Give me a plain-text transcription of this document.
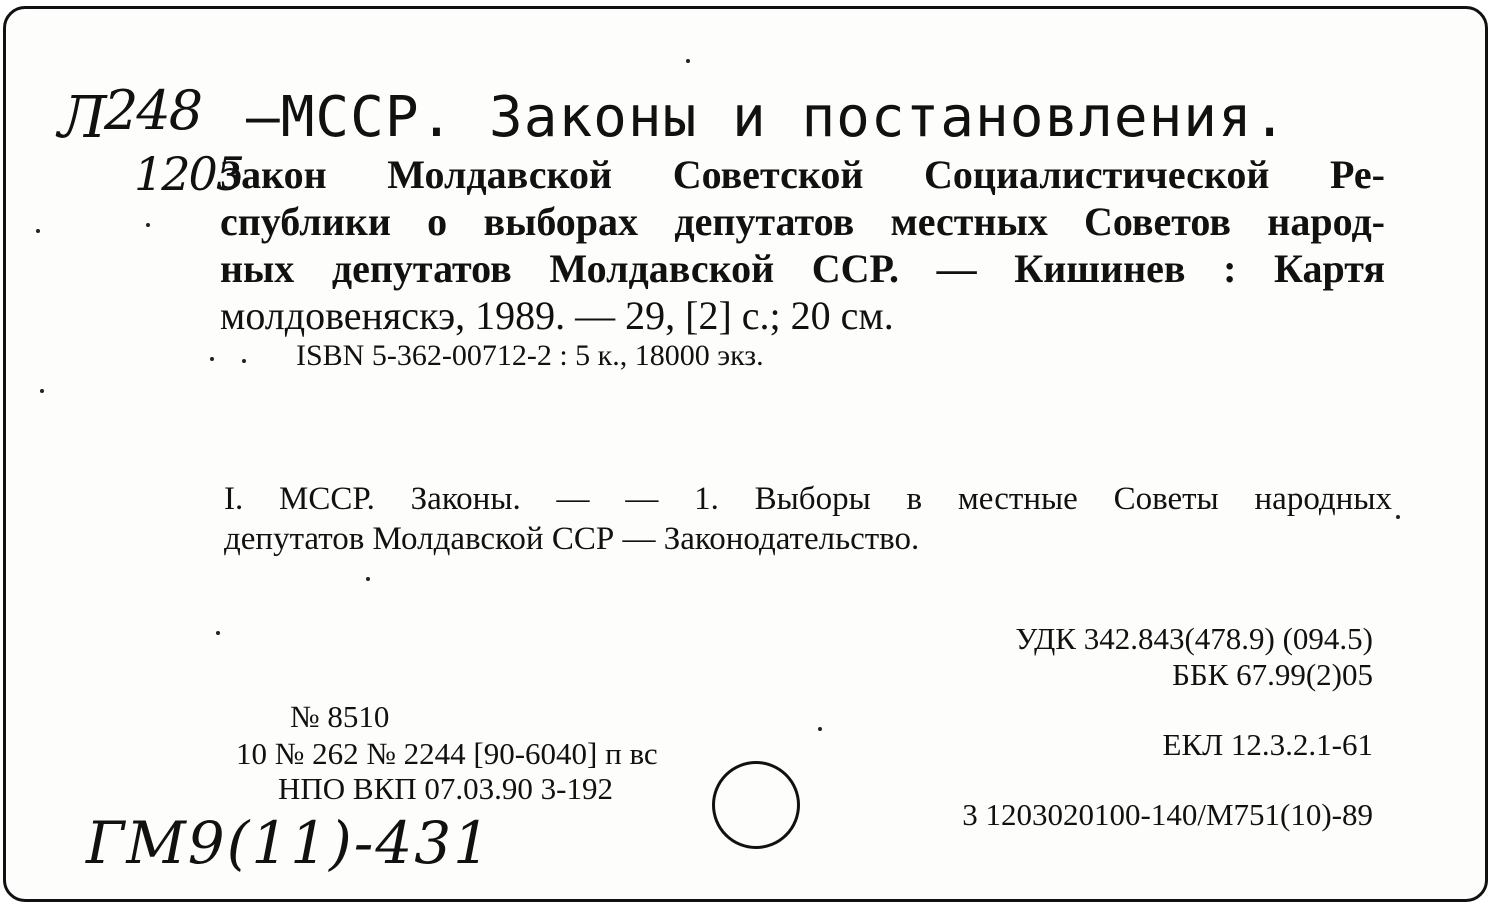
Л
248 —МССР. Законы и постановления.
1205
Закон Молдавской Советской Социалистической Ре-
спублики о выборах депутатов местных Советов народ-
ных депутатов Молдавской ССР. — Кишинев : Картя
молдовеняскэ, 1989. — 29, [2] с.; 20 см.
ISBN 5-362-00712-2 : 5 к., 18000 экз.
I. МССР. Законы. — — 1. Выборы в местные Советы народных
депутатов Молдавской ССР — Законодательство.
УДК 342.843(478.9) (094.5)
ББК 67.99(2)05
ЕКЛ 12.3.2.1-61
3 1203020100-140/М751(10)-89
№ 8510
10 № 262 № 2244 [90-6040] п вс
НПО ВКП 07.03.90 3-192
ГМ9(11)-431
